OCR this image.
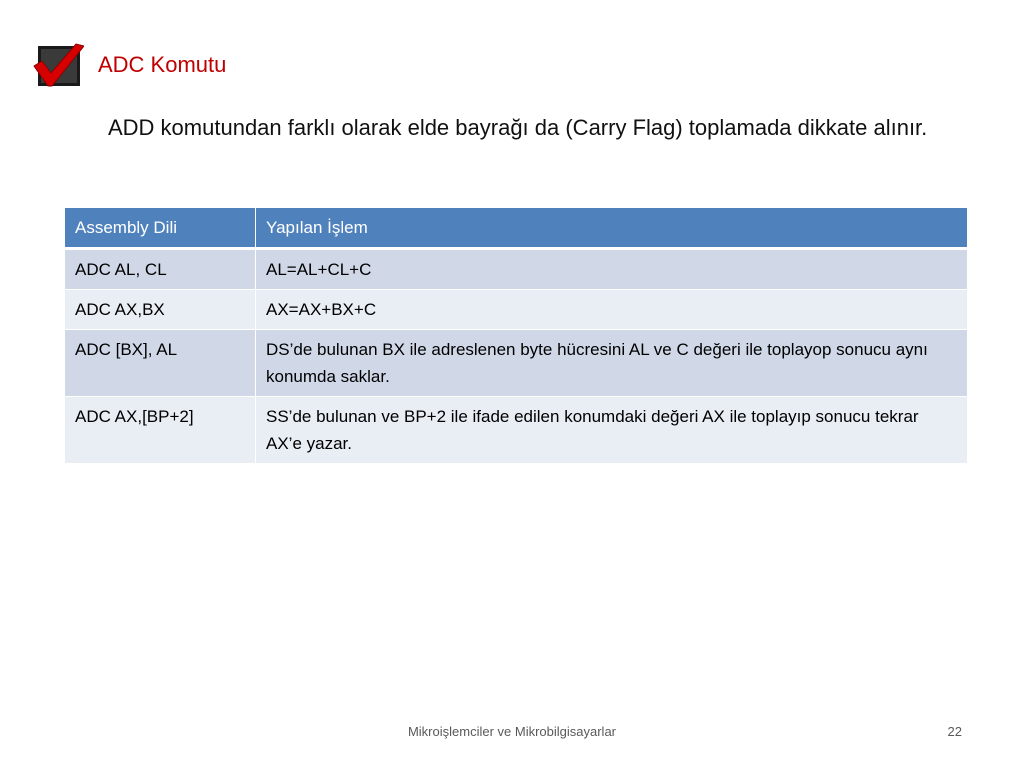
ADC Komutu
ADD komutundan farklı olarak elde bayrağı da (Carry Flag) toplamada dikkate alınır.
Assembly Dili	Yapılan İşlem
ADC AL, CL	AL=AL+CL+C
ADC AX,BX	AX=AX+BX+C
ADC [BX], AL	DS’de bulunan BX ile adreslenen byte hücresini AL ve C değeri ile toplayop sonucu aynı konumda saklar.
ADC AX,[BP+2]	SS’de bulunan ve BP+2 ile ifade edilen konumdaki değeri AX ile toplayıp sonucu tekrar AX’e yazar.
Mikroişlemciler ve Mikrobilgisayarlar	22
